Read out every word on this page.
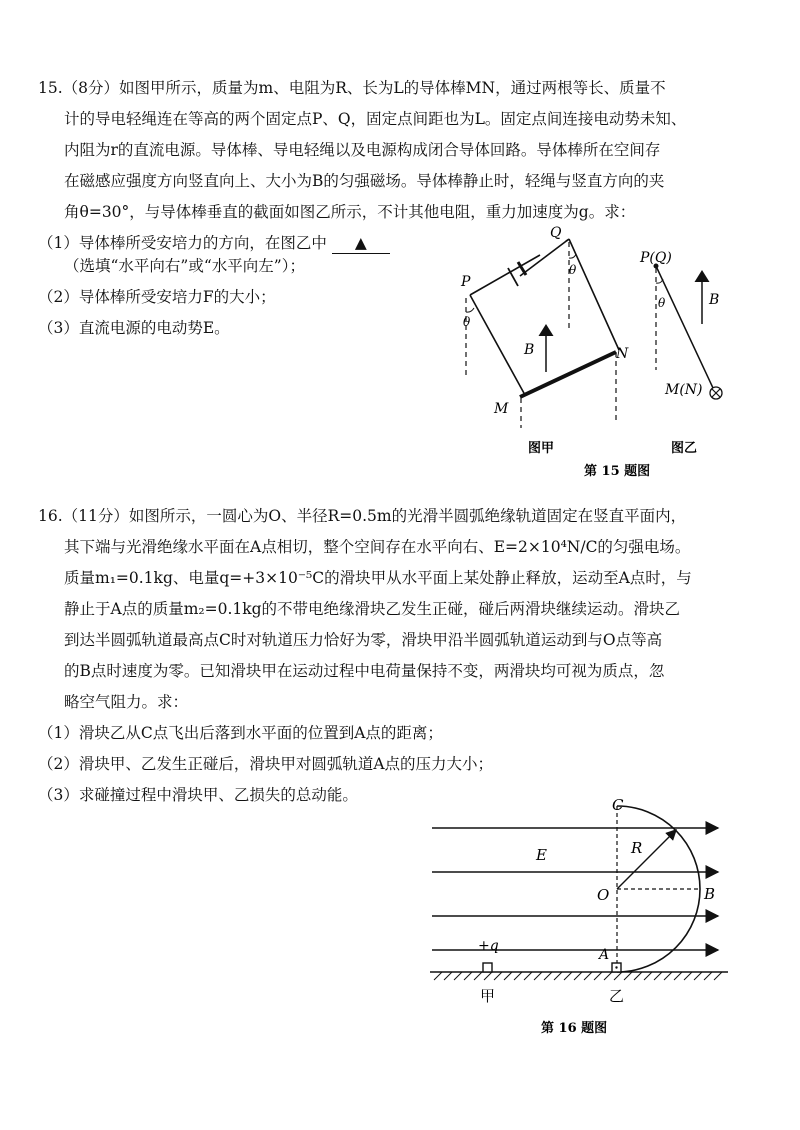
15.（8分）如图甲所示，质量为m、电阻为R、长为L的导体棒MN，通过两根等长、质量不
计的导电轻绳连在等高的两个固定点P、Q，固定点间距也为L。固定点间连接电动势未知、
内阻为r的直流电源。导体棒、导电轻绳以及电源构成闭合导体回路。导体棒所在空间存
在磁感应强度方向竖直向上、大小为B的匀强磁场。导体棒静止时，轻绳与竖直方向的夹
角θ=30°，与导体棒垂直的截面如图乙所示，不计其他电阻，重力加速度为g。求：
（1）导体棒所受安培力的方向，在图乙中 ▲
（选填“水平向右”或“水平向左”）；
（2）导体棒所受安培力F的大小；
（3）直流电源的电动势E。
P
Q
θ
θ
B	N
M
P(Q)
θ	B
M(N)
图甲	图乙
第 15 题图
16.（11分）如图所示，一圆心为O、半径R=0.5m的光滑半圆弧绝缘轨道固定在竖直平面内，
其下端与光滑绝缘水平面在A点相切，整个空间存在水平向右、E=2×10⁴N/C的匀强电场。
质量m₁=0.1kg、电量q=+3×10⁻⁵C的滑块甲从水平面上某处静止释放，运动至A点时，与
静止于A点的质量m₂=0.1kg的不带电绝缘滑块乙发生正碰，碰后两滑块继续运动。滑块乙
到达半圆弧轨道最高点C时对轨道压力恰好为零，滑块甲沿半圆弧轨道运动到与O点等高
的B点时速度为零。已知滑块甲在运动过程中电荷量保持不变，两滑块均可视为质点，忽
略空气阻力。求：
（1）滑块乙从C点飞出后落到水平面的位置到A点的距离；
（2）滑块甲、乙发生正碰后，滑块甲对圆弧轨道A点的压力大小；
（3）求碰撞过程中滑块甲、乙损失的总动能。
C
R
E
O	B
A
+q
甲	乙
第 16 题图
